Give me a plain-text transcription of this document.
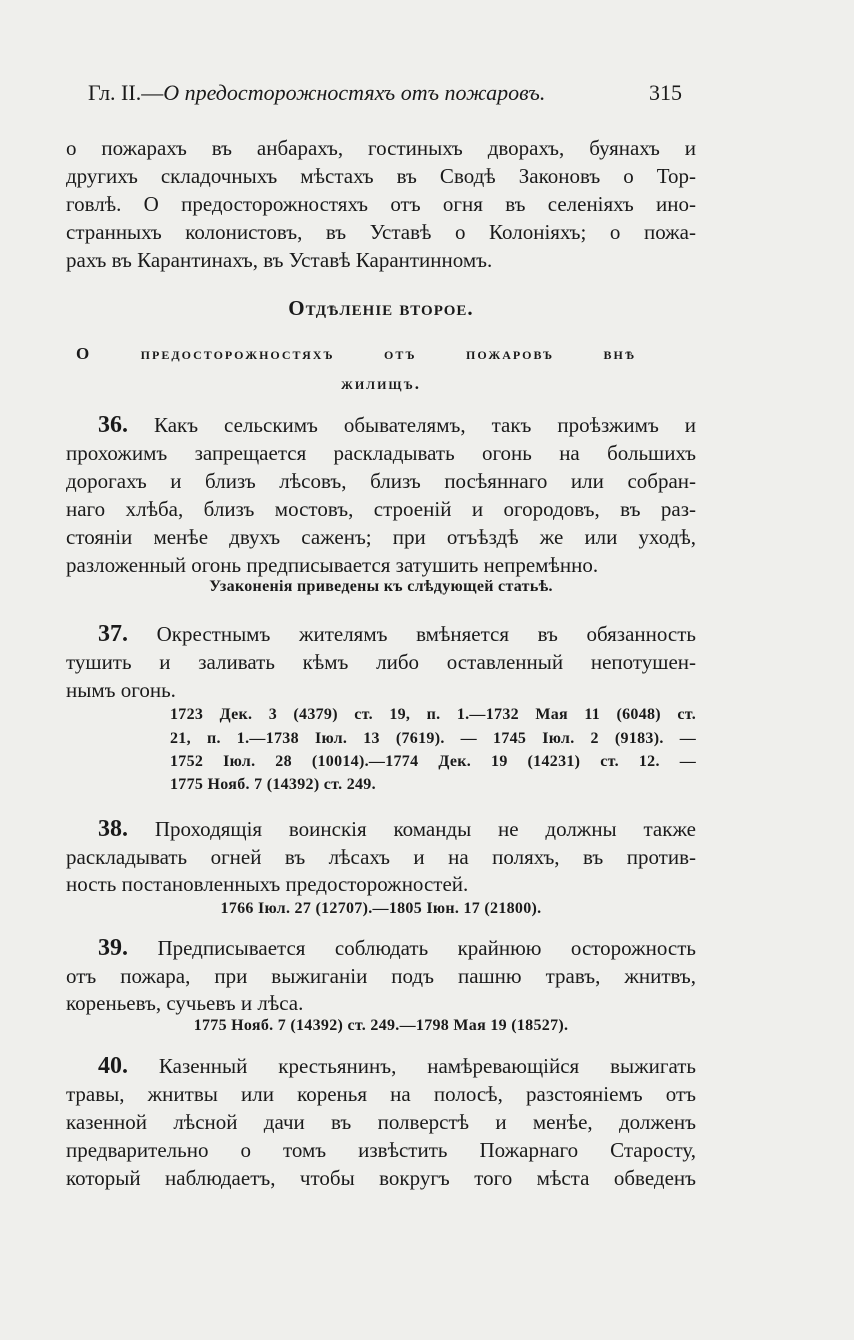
Гл. II.—О предосторожностяхъ отъ пожаровъ.	315
о пожарахъ въ анбарахъ, гостиныхъ дворахъ, буянахъ и
другихъ складочныхъ мѣстахъ въ Сводѣ Законовъ о Тор-
говлѣ. О предосторожностяхъ отъ огня въ селеніяхъ ино-
странныхъ колонистовъ, въ Уставѣ о Колоніяхъ; о пожа-
рахъ въ Карантинахъ, въ Уставѣ Карантинномъ.
36. Какъ сельскимъ обывателямъ, такъ проѣзжимъ и
прохожимъ запрещается раскладывать огонь на большихъ
дорогахъ и близъ лѣсовъ, близъ посѣяннаго или собран-
наго хлѣба, близъ мостовъ, строеній и огородовъ, въ раз-
стояніи менѣе двухъ саженъ; при отъѣздѣ же или уходѣ,
разложенный огонь предписывается затушить непремѣнно.
Узаконенія приведены къ слѣдующей статьѣ.
37. Окрестнымъ жителямъ вмѣняется въ обязанность
тушить и заливать кѣмъ либо оставленный непотушен-
нымъ огонь.
1723 Дек. 3 (4379) ст. 19, п. 1.—1732 Мая 11 (6048) ст.
21, п. 1.—1738 Іюл. 13 (7619). — 1745 Іюл. 2 (9183). —
1752 Іюл. 28 (10014).—1774 Дек. 19 (14231) ст. 12. —
1775 Нояб. 7 (14392) ст. 249.
38. Проходящія воинскія команды не должны также
раскладывать огней въ лѣсахъ и на поляхъ, въ против-
ность постановленныхъ предосторожностей.
1766 Іюл. 27 (12707).—1805 Іюн. 17 (21800).
39. Предписывается соблюдать крайнюю осторожность
отъ пожара, при выжиганіи подъ пашню травъ, жнитвъ,
кореньевъ, сучьевъ и лѣса.
1775 Нояб. 7 (14392) ст. 249.—1798 Мая 19 (18527).
40. Казенный крестьянинъ, намѣревающійся выжигать
травы, жнитвы или коренья на полосѣ, разстояніемъ отъ
казенной лѣсной дачи въ полверстѣ и менѣе, долженъ
предварительно о томъ извѣстить Пожарнаго Старосту,
который наблюдаетъ, чтобы вокругъ того мѣста обведенъ
Отдѣленіе второе.
О предосторожностяхъ отъ пожаровъ внѣ
жилищъ.
